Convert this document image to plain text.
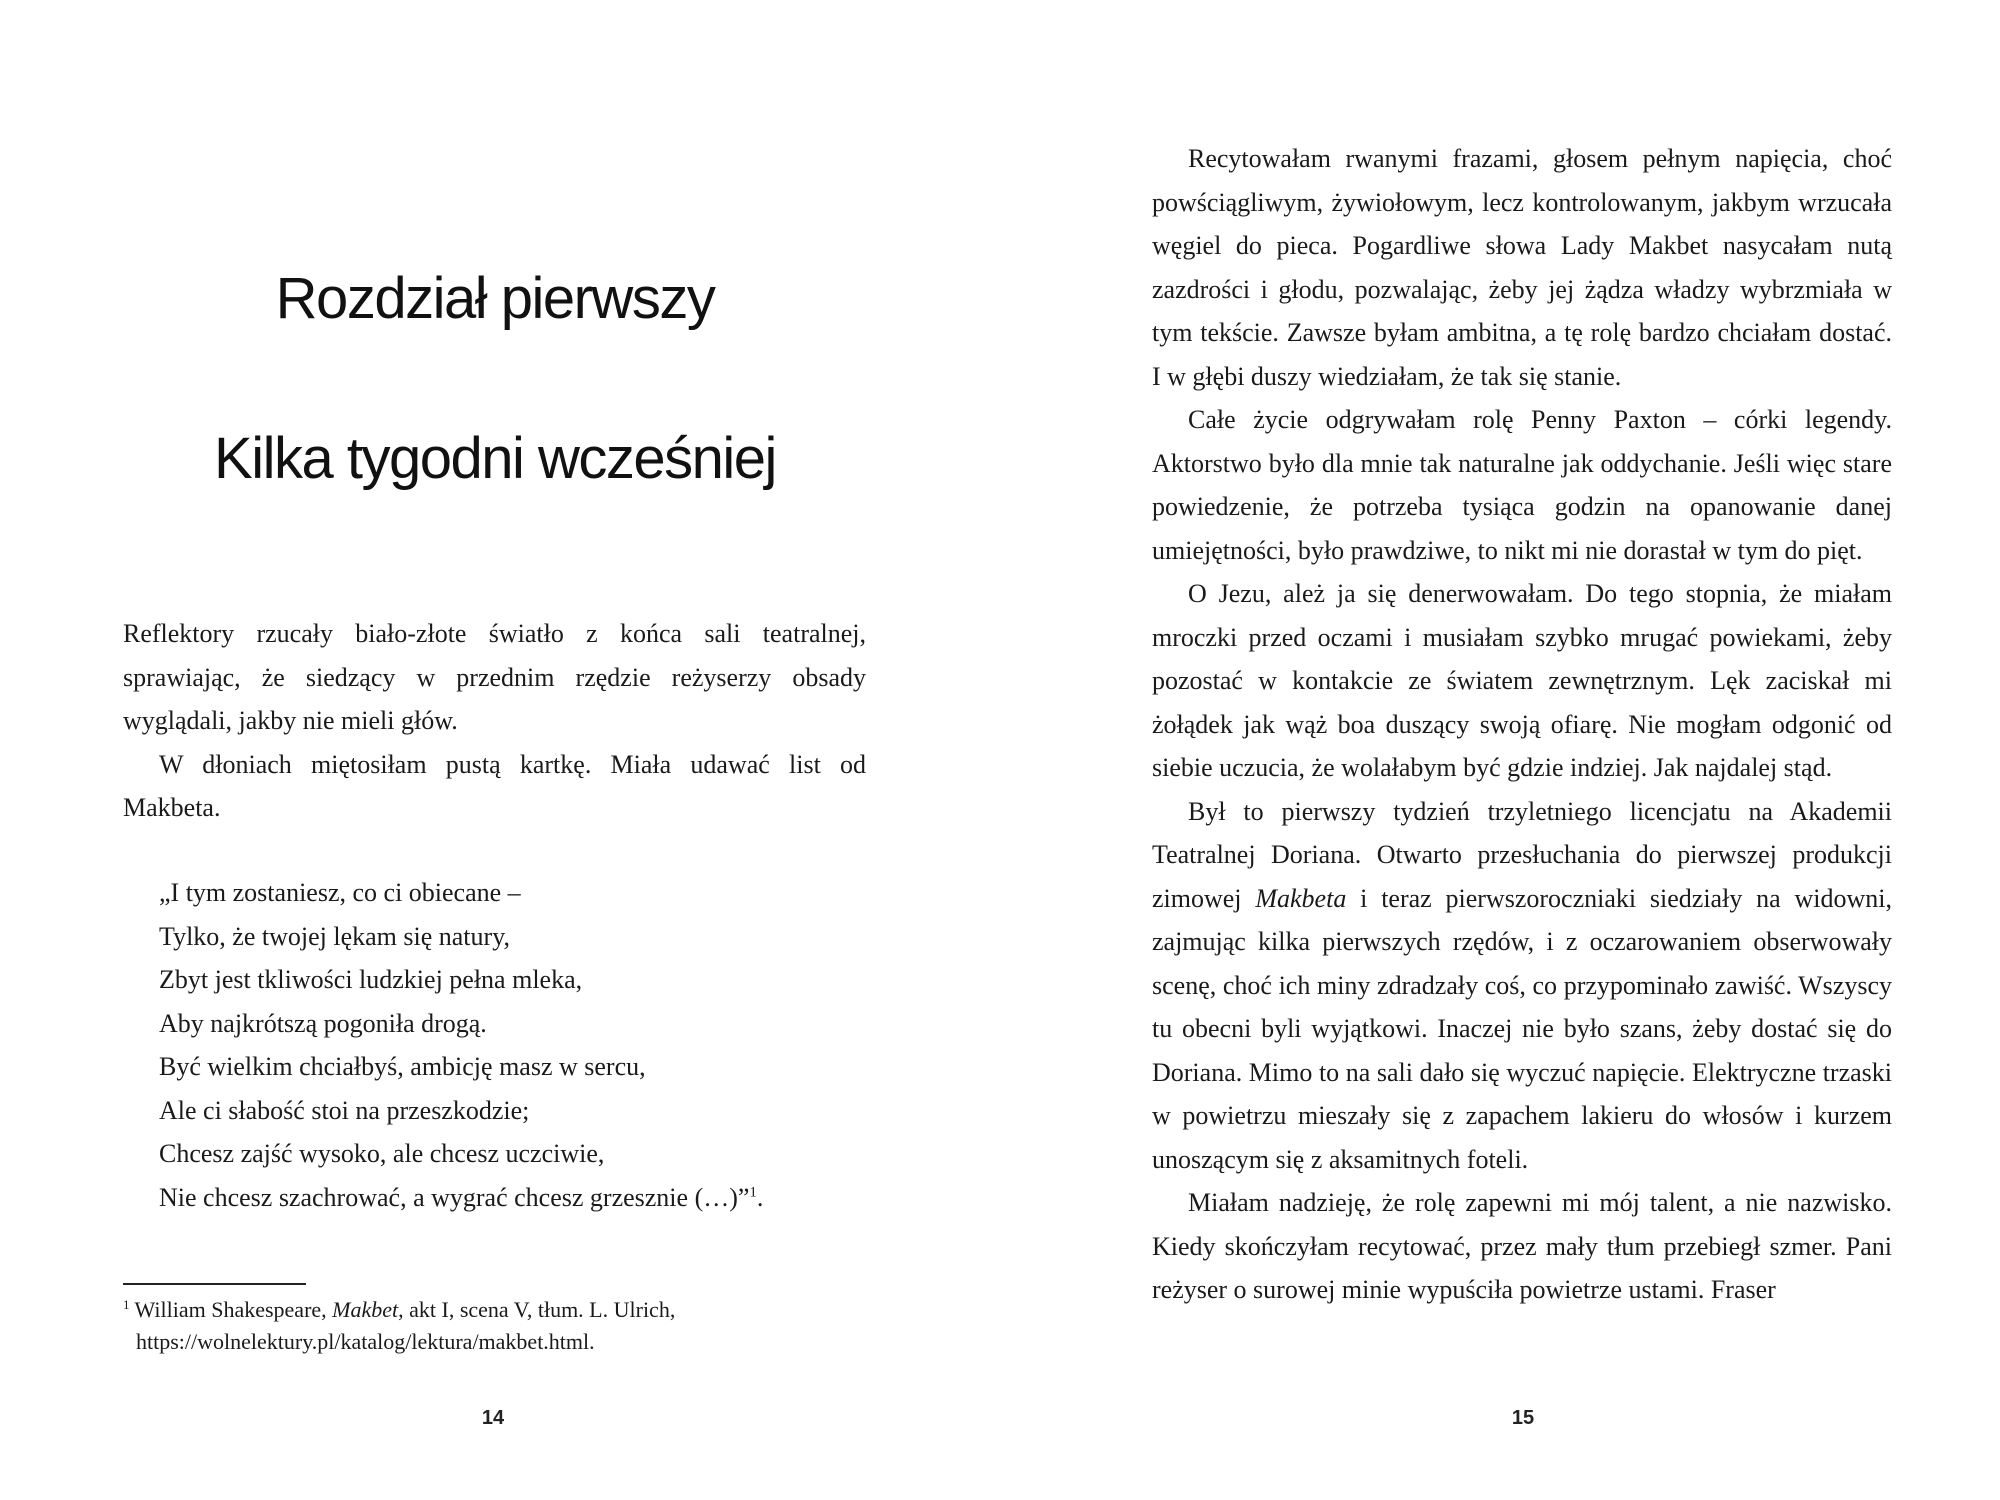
Rozdział pierwszy
Kilka tygodni wcześniej

Reflektory rzucały biało-złote światło z końca sali teatralnej, sprawiając, że siedzący w przednim rzędzie reżyserzy obsady wyglądali, jakby nie mieli głów.

W dłoniach miętosiłam pustą kartkę. Miała udawać list od Makbeta.

„I tym zostaniesz, co ci obiecane –
Tylko, że twojej lękam się natury,
Zbyt jest tkliwości ludzkiej pełna mleka,
Aby najkrótszą pogoniła drogą.
Być wielkim chciałbyś, ambicję masz w sercu,
Ale ci słabość stoi na przeszkodzie;
Chcesz zajść wysoko, ale chcesz uczciwie,
Nie chcesz szachrować, a wygrać chcesz grzesznie (…)”$^1$.
$^1$ William Shakespeare, Makbet, akt I, scena V, tłum. L. Ulrich,
https://wolnelektury.pl/katalog/lektura/makbet.html.
14

Recytowałam rwanymi frazami, głosem pełnym napięcia, choć powściągliwym, żywiołowym, lecz kontrolowanym, jakbym wrzucała węgiel do pieca. Pogardliwe słowa Lady Makbet nasycałam nutą zazdrości i głodu, pozwalając, żeby jej żądza władzy wybrzmiała w tym tekście. Zawsze byłam ambitna, a tę rolę bardzo chciałam dostać. I w głębi duszy wiedziałam, że tak się stanie.

Całe życie odgrywałam rolę Penny Paxton – córki legendy. Aktorstwo było dla mnie tak naturalne jak oddychanie. Jeśli więc stare powiedzenie, że potrzeba tysiąca godzin na opanowanie danej umiejętności, było prawdziwe, to nikt mi nie dorastał w tym do pięt.

O Jezu, ależ ja się denerwowałam. Do tego stopnia, że miałam mroczki przed oczami i musiałam szybko mrugać powiekami, żeby pozostać w kontakcie ze światem zewnętrznym. Lęk zaciskał mi żołądek jak wąż boa duszący swoją ofiarę. Nie mogłam odgonić od siebie uczucia, że wolałabym być gdzie indziej. Jak najdalej stąd.

Był to pierwszy tydzień trzyletniego licencjatu na Akademii Teatralnej Doriana. Otwarto przesłuchania do pierwszej produkcji zimowej Makbeta i teraz pierwszoroczniaki siedziały na widowni, zajmując kilka pierwszych rzędów, i z oczarowaniem obserwowały scenę, choć ich miny zdradzały coś, co przypominało zawiść. Wszyscy tu obecni byli wyjątkowi. Inaczej nie było szans, żeby dostać się do Doriana. Mimo to na sali dało się wyczuć napięcie. Elektryczne trzaski w powietrzu mieszały się z zapachem lakieru do włosów i kurzem unoszącym się z aksamitnych foteli.

Miałam nadzieję, że rolę zapewni mi mój talent, a nie nazwisko. Kiedy skończyłam recytować, przez mały tłum przebiegł szmer. Pani reżyser o surowej minie wypuściła powietrze ustami. Fraser

15
